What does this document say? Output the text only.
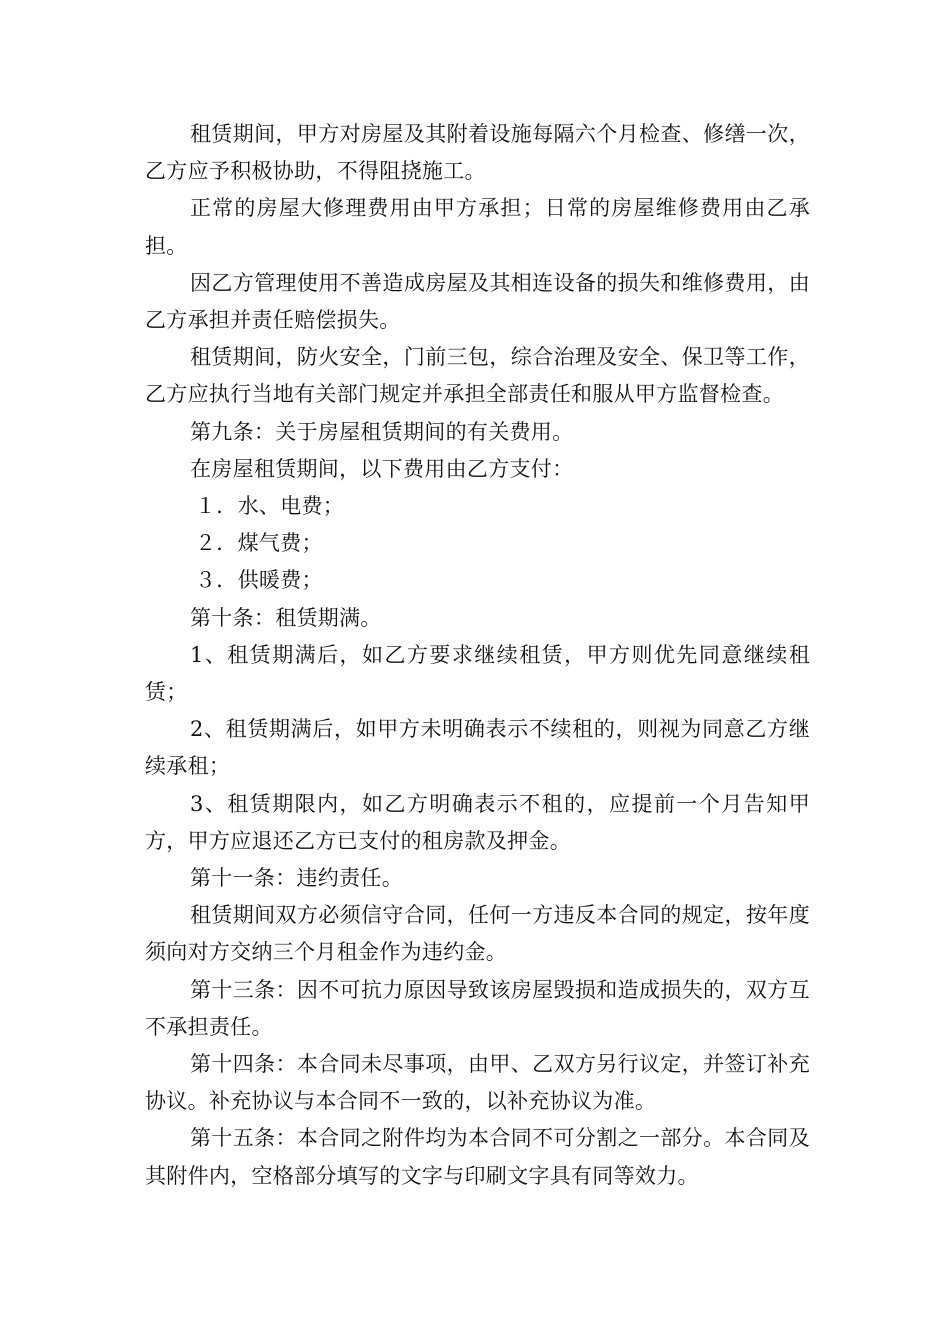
租赁期间，甲方对房屋及其附着设施每隔六个月检查、修缮一次，乙方应予积极协助，不得阻挠施工。

正常的房屋大修理费用由甲方承担；日常的房屋维修费用由乙承担。

因乙方管理使用不善造成房屋及其相连设备的损失和维修费用，由乙方承担并责任赔偿损失。

租赁期间，防火安全，门前三包，综合治理及安全、保卫等工作，乙方应执行当地有关部门规定并承担全部责任和服从甲方监督检查。

第九条：关于房屋租赁期间的有关费用。

在房屋租赁期间，以下费用由乙方支付：

１．水、电费；

２．煤气费；

３．供暖费；

第十条：租赁期满。

1、租赁期满后，如乙方要求继续租赁，甲方则优先同意继续租赁；

2、租赁期满后，如甲方未明确表示不续租的，则视为同意乙方继续承租；

3、租赁期限内，如乙方明确表示不租的，应提前一个月告知甲方，甲方应退还乙方已支付的租房款及押金。

第十一条：违约责任。

租赁期间双方必须信守合同，任何一方违反本合同的规定，按年度须向对方交纳三个月租金作为违约金。

第十三条：因不可抗力原因导致该房屋毁损和造成损失的，双方互不承担责任。

第十四条：本合同未尽事项，由甲、乙双方另行议定，并签订补充协议。补充协议与本合同不一致的，以补充协议为准。

第十五条：本合同之附件均为本合同不可分割之一部分。本合同及其附件内，空格部分填写的文字与印刷文字具有同等效力。
